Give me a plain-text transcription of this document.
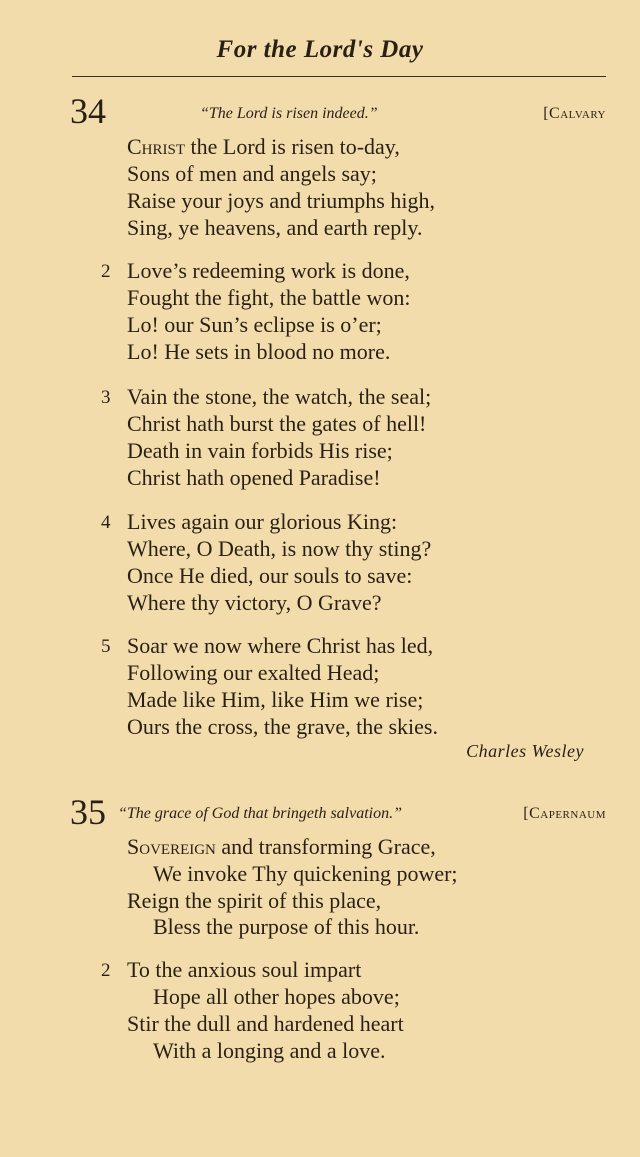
For the Lord's Day
34	“The Lord is risen indeed.”	[Calvary
Christ the Lord is risen to-day,
Sons of men and angels say;
Raise your joys and triumphs high,
Sing, ye heavens, and earth reply.
2 Love’s redeeming work is done,
Fought the fight, the battle won:
Lo! our Sun’s eclipse is o’er;
Lo! He sets in blood no more.
3 Vain the stone, the watch, the seal;
Christ hath burst the gates of hell!
Death in vain forbids His rise;
Christ hath opened Paradise!
4 Lives again our glorious King:
Where, O Death, is now thy sting?
Once He died, our souls to save:
Where thy victory, O Grave?
5 Soar we now where Christ has led,
Following our exalted Head;
Made like Him, like Him we rise;
Ours the cross, the grave, the skies.
Charles Wesley
35 “The grace of God that bringeth salvation.”	[Capernaum
Sovereign and transforming Grace,
We invoke Thy quickening power;
Reign the spirit of this place,
Bless the purpose of this hour.
2 To the anxious soul impart
Hope all other hopes above;
Stir the dull and hardened heart
With a longing and a love.
